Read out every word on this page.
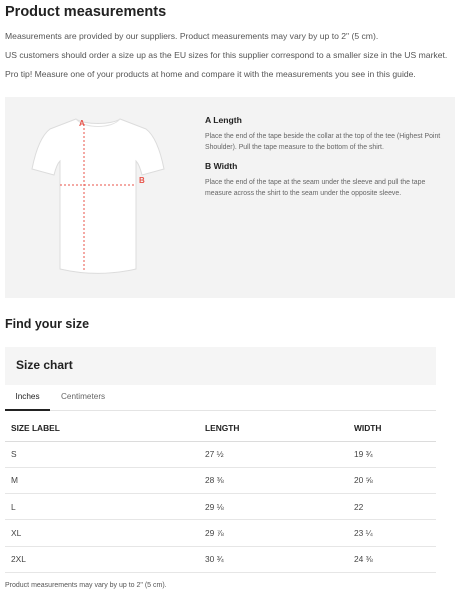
Product measurements
Measurements are provided by our suppliers. Product measurements may vary by up to 2" (5 cm).
US customers should order a size up as the EU sizes for this supplier correspond to a smaller size in the US market.
Pro tip! Measure one of your products at home and compare it with the measurements you see in this guide.
A
B
A Length
Place the end of the tape beside the collar at the top of the tee (Highest Point Shoulder). Pull the tape measure to the bottom of the shirt.
B Width
Place the end of the tape at the seam under the sleeve and pull the tape measure across the shirt to the seam under the opposite sleeve.
Find your size
Size chart
Inches	Centimeters
SIZE LABEL	LENGTH	WIDTH
S	27 ½	19 ¾
M	28 ⅜	20 ⅝
L	29 ⅛	22
XL	29 ⅞	23 ¼
2XL	30 ¾	24 ⅜
Product measurements may vary by up to 2" (5 cm).
